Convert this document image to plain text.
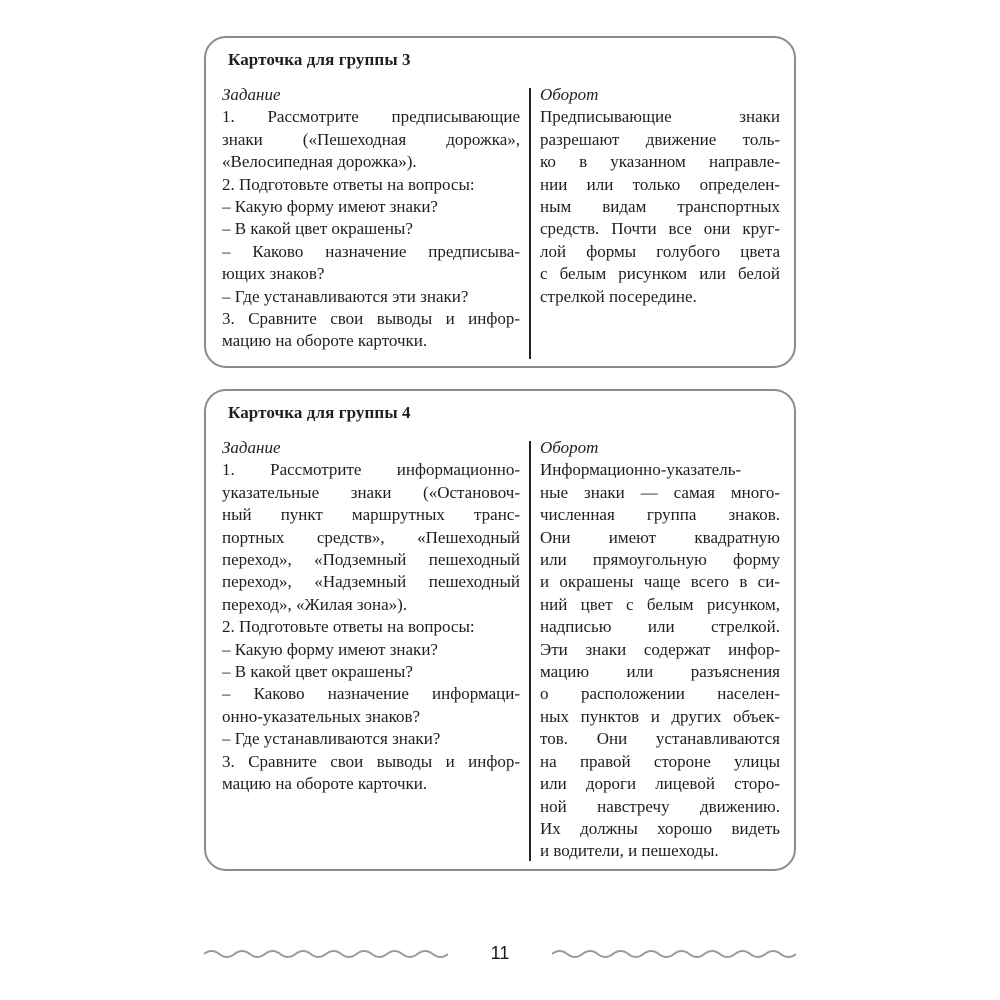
Карточка для группы 3
Задание
1. Рассмотрите предписывающие
знаки («Пешеходная дорожка»,
«Велосипедная дорожка»).
2. Подготовьте ответы на вопросы:
– Какую форму имеют знаки?
– В какой цвет окрашены?
– Каково назначение предписыва-
ющих знаков?
– Где устанавливаются эти знаки?
3. Сравните свои выводы и инфор-
мацию на обороте карточки.
Оборот
Предписывающие знаки
разрешают движение толь-
ко в указанном направле-
нии или только определен-
ным видам транспортных
средств. Почти все они круг-
лой формы голубого цвета
с белым рисунком или белой
стрелкой посередине.
Карточка для группы 4
Задание
1. Рассмотрите информационно-
указательные знаки («Остановоч-
ный пункт маршрутных транс-
портных средств», «Пешеходный
переход», «Подземный пешеходный
переход», «Надземный пешеходный
переход», «Жилая зона»).
2. Подготовьте ответы на вопросы:
– Какую форму имеют знаки?
– В какой цвет окрашены?
– Каково назначение информаци-
онно-указательных знаков?
– Где устанавливаются знаки?
3. Сравните свои выводы и инфор-
мацию на обороте карточки.
Оборот
Информационно-указатель-
ные знаки — самая много-
численная группа знаков.
Они имеют квадратную
или прямоугольную форму
и окрашены чаще всего в си-
ний цвет с белым рисунком,
надписью или стрелкой.
Эти знаки содержат инфор-
мацию или разъяснения
о расположении населен-
ных пунктов и других объек-
тов. Они устанавливаются
на правой стороне улицы
или дороги лицевой сторо-
ной навстречу движению.
Их должны хорошо видеть
и водители, и пешеходы.
11
